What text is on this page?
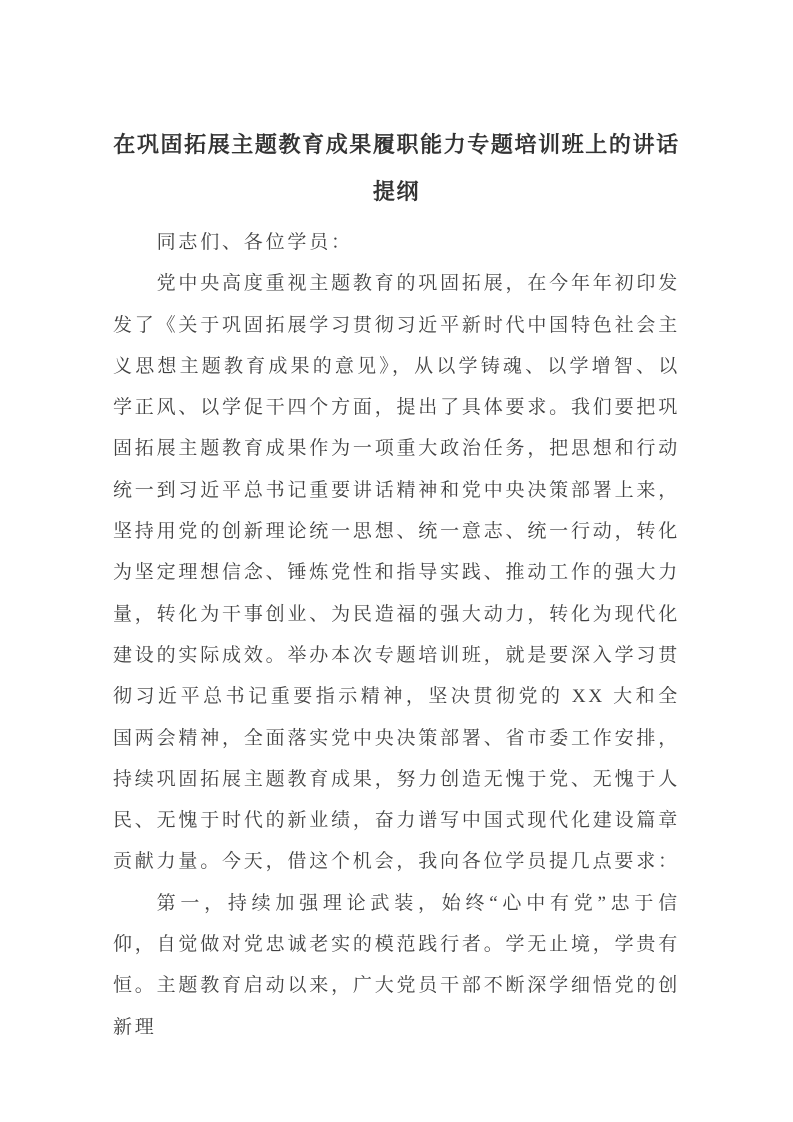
在巩固拓展主题教育成果履职能力专题培训班上的讲话提纲

同志们、各位学员：

党中央高度重视主题教育的巩固拓展，在今年年初印发发了《关于巩固拓展学习贯彻习近平新时代中国特色社会主义思想主题教育成果的意见》，从以学铸魂、以学增智、以学正风、以学促干四个方面，提出了具体要求。我们要把巩固拓展主题教育成果作为一项重大政治任务，把思想和行动统一到习近平总书记重要讲话精神和党中央决策部署上来，坚持用党的创新理论统一思想、统一意志、统一行动，转化为坚定理想信念、锤炼党性和指导实践、推动工作的强大力量，转化为干事创业、为民造福的强大动力，转化为现代化建设的实际成效。举办本次专题培训班，就是要深入学习贯彻习近平总书记重要指示精神，坚决贯彻党的 XX 大和全国两会精神，全面落实党中央决策部署、省市委工作安排，持续巩固拓展主题教育成果，努力创造无愧于党、无愧于人民、无愧于时代的新业绩，奋力谱写中国式现代化建设篇章贡献力量。今天，借这个机会，我向各位学员提几点要求：

第一，持续加强理论武装，始终“心中有党”忠于信仰，自觉做对党忠诚老实的模范践行者。学无止境，学贵有恒。主题教育启动以来，广大党员干部不断深学细悟党的创新理
